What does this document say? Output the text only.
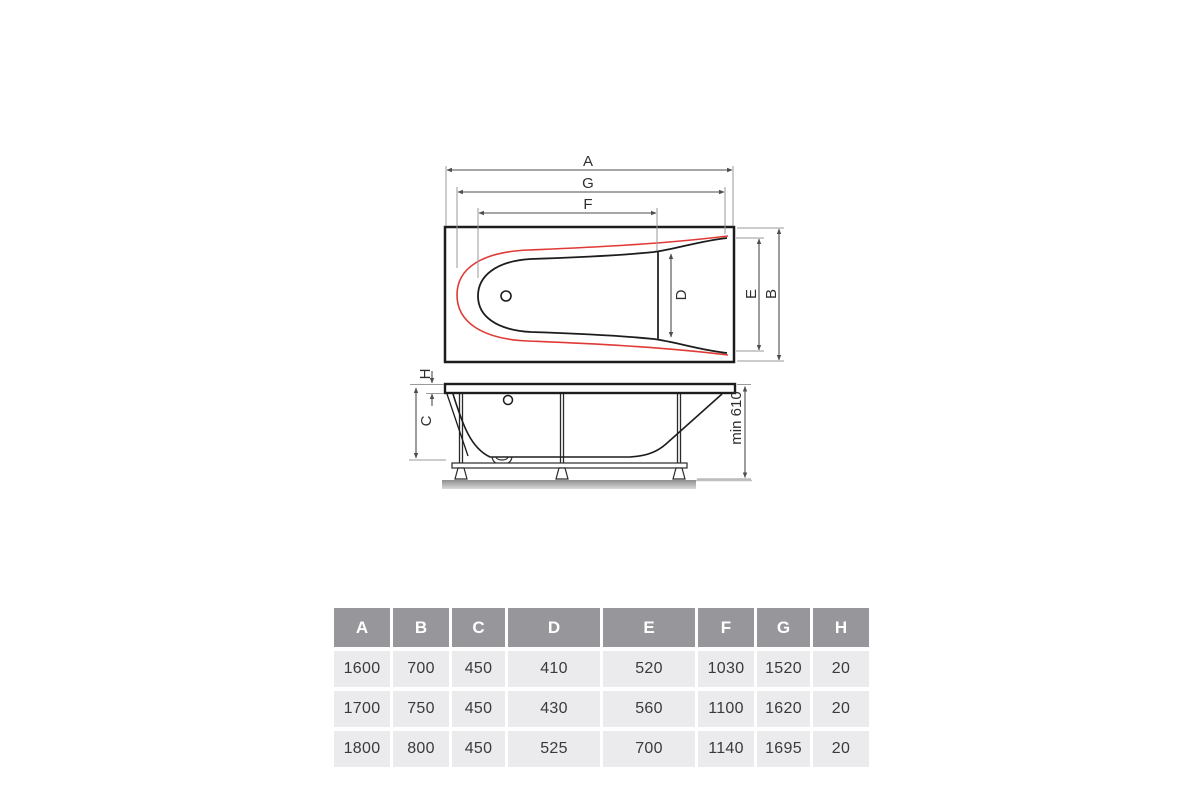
A
G
F
D	E B
H
C	min 610
A	B	C	D	E	F	G	H
1600	700	450	410	520	1030	1520	20
1700	750	450	430	560	1100	1620	20
1800	800	450	525	700	1140	1695	20
